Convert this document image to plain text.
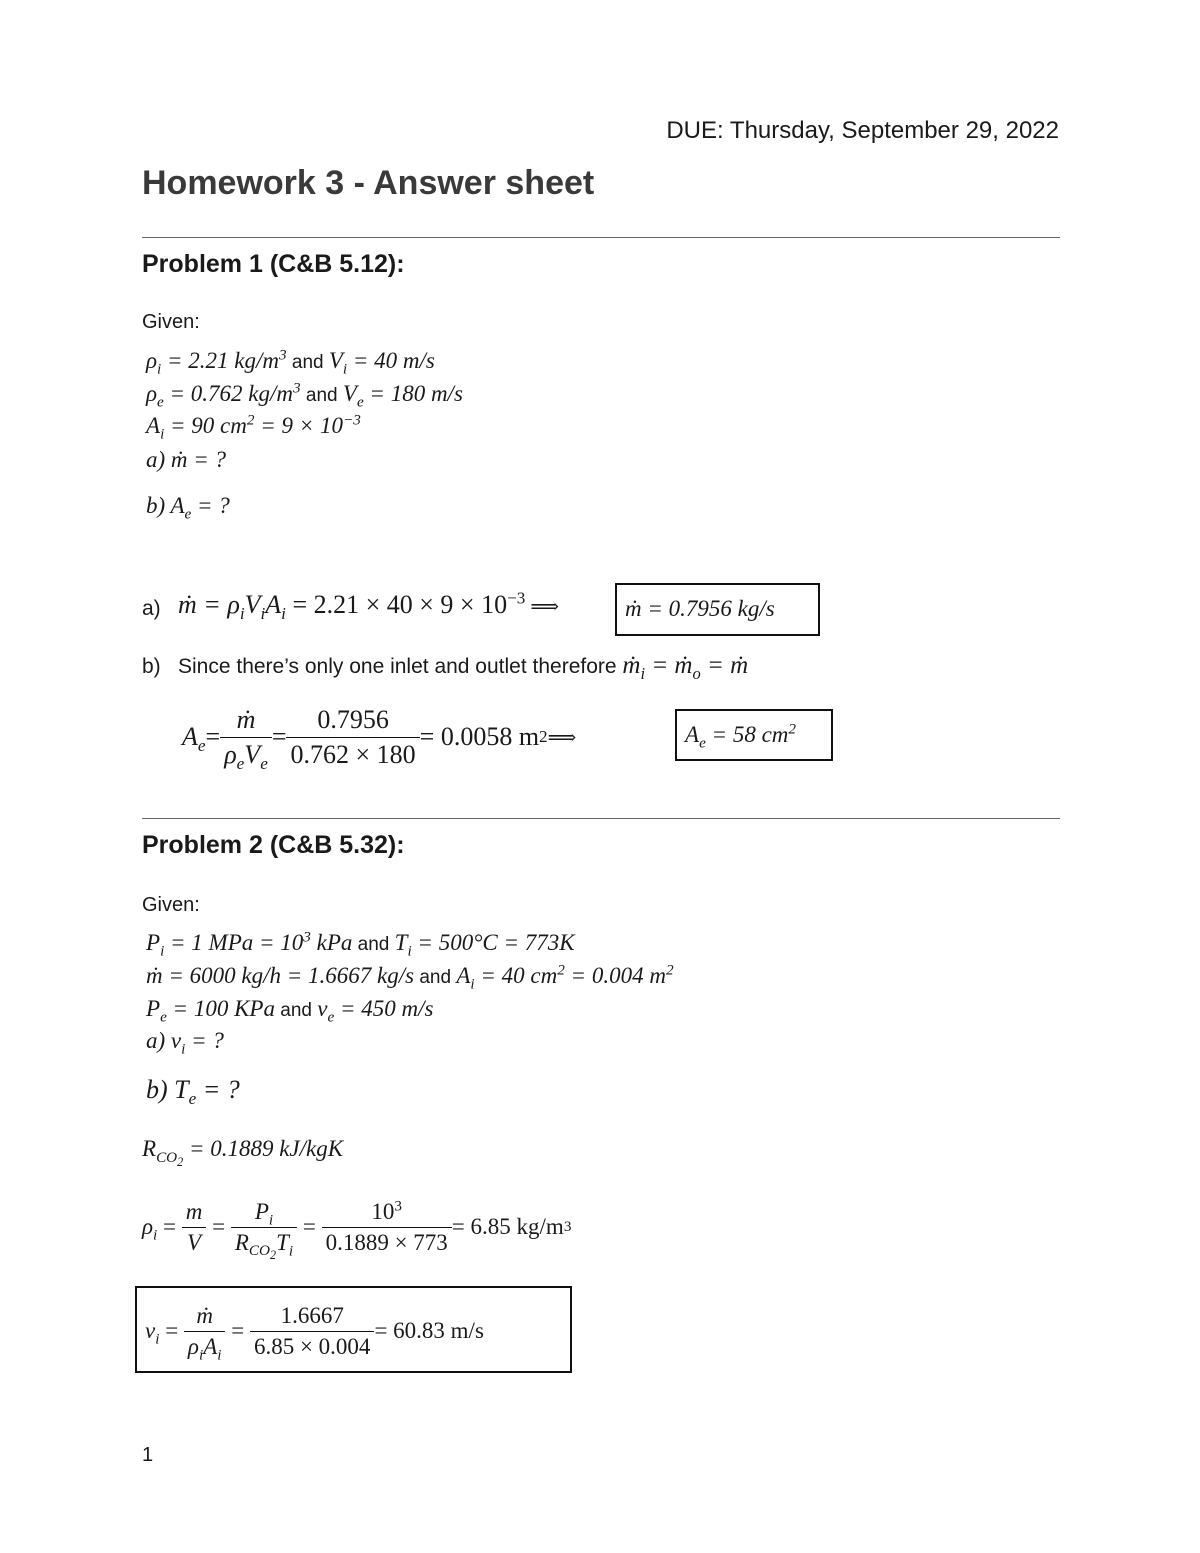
DUE: Thursday, September 29, 2022
Homework 3 - Answer sheet
Problem 1 (C&B 5.12):
Given:
$\rho_i = 2.21$ $kg/m^3$ and $V_i = 40$ m/s
$\rho_e = 0.762$ $kg/m^3$ and $V_e = 180$ m/s
$A_i = 90$ $cm^2 = 9 \times 10^{-3}$
a) ṁ = ?
b) $A_e$ = ?
a) ṁ = $\rho_iV_iA_i = 2.21 \times 40 \times 9 \times 10^{-3}$ ⟹	ṁ = 0.7956 kg/s
b) Since there’s only one inlet and outlet therefore ṁ$_i$ = ṁ$_o$ = ṁ
$A_e = \frac{\text{ṁ}}{\rho_eV_e} = \frac{0.7956}{0.762 \times 180} = 0.0058$ m 2 ⟹	$A_e = 58$ $cm^2$
Problem 2 (C&B 5.32):
Given:
$P_i = 1$ MPa = $10^3$ kPa and $T_i = 500^\circ C = 773K$
ṁ = 6000 kg/h = 1.6667 kg/s and $A_i = 40$ $cm^2 = 0.004$ $m^2$
$P_e = 100$ KPa and $v_e = 450$ m/s
a) $v_i$ = ?
b) $T_e$ = ?
$R_{CO_2} = 0.1889$ kJ/kgK
$\rho_i = \frac{m}{V} = \frac{P_i}{R_{CO_2}T_i} = \frac{10^3}{0.1889 \times 773} = 6.85$ kg/m 3
$v_i = \frac{\text{ṁ}}{\rho_iA_i} = \frac{1.6667}{6.85 \times 0.004} = 60.83$ m/s
1
